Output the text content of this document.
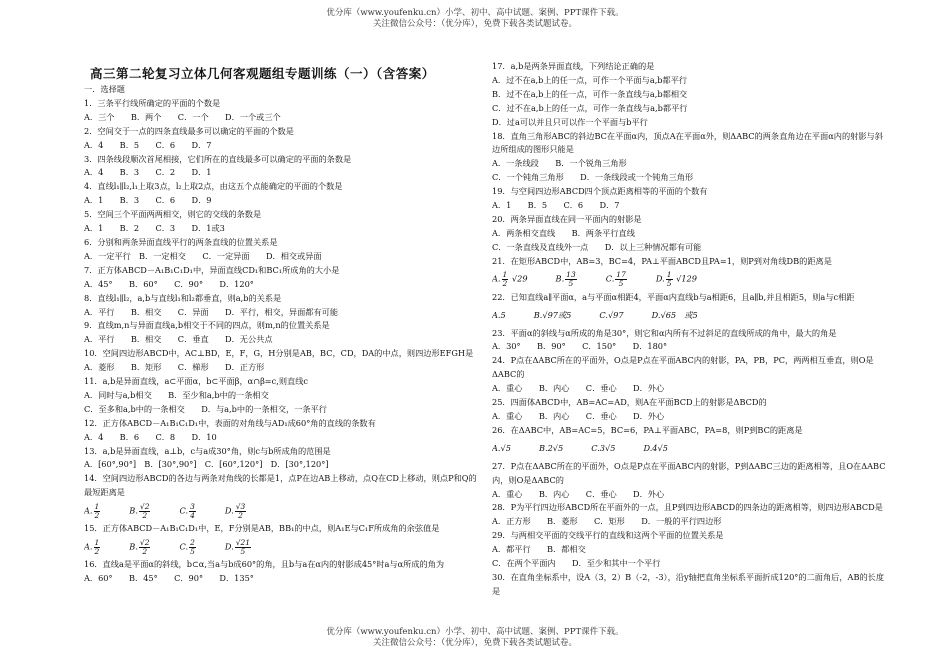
优分库（www.youfenku.cn）小学、初中、高中试题、案例、PPT课件下载。
关注微信公众号：（优分库），免费下载各类试题试卷。
高三第二轮复习立体几何客观题组专题训练（一）（含答案）
一．选择题
1．三条平行线所确定的平面的个数是
A．三个　　B．两个　　C．一个　　D．一个或三个
2．空间交于一点的四条直线最多可以确定的平面的个数是
A．4　　B．5　　C．6　　D．7
3．四条线段顺次首尾相接，它们所在的直线最多可以确定的平面的条数是
A．4　　B．3　　C．2　　D．1
4．直线l₁∥l₂,l₁上取3点，l₂上取2点，由这五个点能确定的平面的个数是
A．1　　B．3　　C．6　　D．9
5．空间三个平面两两相交，则它的交线的条数是
A．1　　B．2　　C．3　　D．1或3
6．分别和两条异面直线平行的两条直线的位置关系是
A．一定平行　B．一定相交　　C．一定异面　　D．相交或异面
7．正方体ABCD－A₁B₁C₁D₁中，异面直线CD₁和BC₁所成角的大小是
A．45°　　B．60°　　C．90°　　D．120°
8．直线l₁∥l₂，a,b与直线l₁和l₂都垂直，则a,b的关系是
A．平行　　B．相交　　C．异面　　D．平行，相交，异面都有可能
9．直线m,n与异面直线a,b相交于不同的四点，则m,n的位置关系是
A．平行　　B．相交　　C．垂直　　D．无公共点
10．空间四边形ABCD中，AC⊥BD，E，F，G，H分别是AB，BC，CD，DA的中点，则四边形EFGH是
A．菱形　　B．矩形　　C．梯形　　D．正方形
11．a,b是异面直线，a⊂平面α，b⊂平面β，α∩β=c,则直线c
A．同时与a,b相交　　B．至少和a,b中的一条相交
C．至多和a,b中的一条相交　　D．与a,b中的一条相交，一条平行
12．正方体ABCD－A₁B₁C₁D₁中，表面的对角线与AD₁成60°角的直线的条数有
A．4　　B．6　　C．8　　D．10
13．a,b是异面直线，a⊥b，c与a成30°角，则c与b所成角的范围是
A．[60°,90°]　B．[30°,90°]　C．[60°,120°]　D．[30°,120°]
14．空间四边形ABCD的各边与两条对角线的长都是1，点P在边AB上移动，点Q在CD上移动，则点P和Q的最短距离是
A. $\frac{1}{2}$	B. $\frac{√2}{2}$	C. $\frac{3}{4}$	D. $\frac{√3}{2}$
15．正方体ABCD－A₁B₁C₁D₁中，E，F分别是AB，BB₁的中点，则A₁E与C₁F所成角的余弦值是
A. $\frac{1}{2}$	B. $\frac{√2}{2}$	C. $\frac{2}{5}$	D. $\frac{√21}{5}$
16．直线a是平面α的斜线，b⊂α,当a与b成60°的角，且b与a在α内的射影成45°时a与α所成的角为
A．60°　　B．45°　　C．90°　　D．135°
17．a,b是两条异面直线，下列结论正确的是
A．过不在a,b上的任一点，可作一个平面与a,b都平行
B．过不在a,b上的任一点，可作一条直线与a,b都相交
C．过不在a,b上的任一点，可作一条直线与a,b都平行
D．过a可以并且只可以作一个平面与b平行
18．直角三角形ABC的斜边BC在平面α内，顶点A在平面α外，则ΔABC的两条直角边在平面α内的射影与斜边所组成的图形只能是
A．一条线段　　B．一个锐角三角形
C．一个钝角三角形　　D．一条线段或一个钝角三角形
19．与空间四边形ABCD四个顶点距离相等的平面的个数有
A．1　　B．5　　C．6　　D．7
20．两条异面直线在同一平面内的射影是
A．两条相交直线　　B．两条平行直线
C．一条直线及直线外一点　　D．以上三种情况都有可能
21．在矩形ABCD中，AB=3，BC=4，PA⊥平面ABCD且PA=1，则P到对角线DB的距离是
A. $\frac{1}{2} √29$	B. $\frac{13}{5}$	C. $\frac{17}{5}$	D. $\frac{1}{5} √129$
22．已知直线a∥平面α，a与平面α相距4，平面α内直线b与a相距6，且a∥b,并且相距5，则a与c相距
A.5	B.√97或5	C.√97	D.√65　或5
23．平面α的斜线与α所成的角是30°，则它和α内所有不过斜足的直线所成的角中，最大的角是
A．30°　　B．90°　　C．150°　　D．180°
24．P点在ΔABC所在的平面外，O点是P点在平面ABC内的射影，PA，PB，PC，两两相互垂直，则O是ΔABC的
A．重心　　B．内心　　C．垂心　　D．外心
25．四面体ABCD中，AB=AC=AD，则A在平面BCD上的射影是ΔBCD的
A．重心　　B．内心　　C．垂心　　D．外心
26．在ΔABC中，AB=AC=5，BC=6，PA⊥平面ABC，PA=8，则P到BC的距离是
A.√5	B.2√5	C.3√5	D.4√5
27．P点在ΔABC所在的平面外，O点是P点在平面ABC内的射影，P到ΔABC三边的距离相等，且O在ΔABC内，则O是ΔABC的
A．重心　　B．内心　　C．垂心　　D．外心
28．P为平行四边形ABCD所在平面外的一点，且P到四边形ABCD的四条边的距离相等，则四边形ABCD是
A．正方形　　B．菱形　　C．矩形　　D．一般的平行四边形
29．与两相交平面的交线平行的直线和这两个平面的位置关系是
A．都平行　　B．都相交
C．在两个平面内　　D．至少和其中一个平行
30．在直角坐标系中，设A（3，2）B（-2，-3），沿y轴把直角坐标系平面折成120°的二面角后，AB的长度是
优分库（www.youfenku.cn）小学、初中、高中试题、案例、PPT课件下载。
关注微信公众号：（优分库），免费下载各类试题试卷。
